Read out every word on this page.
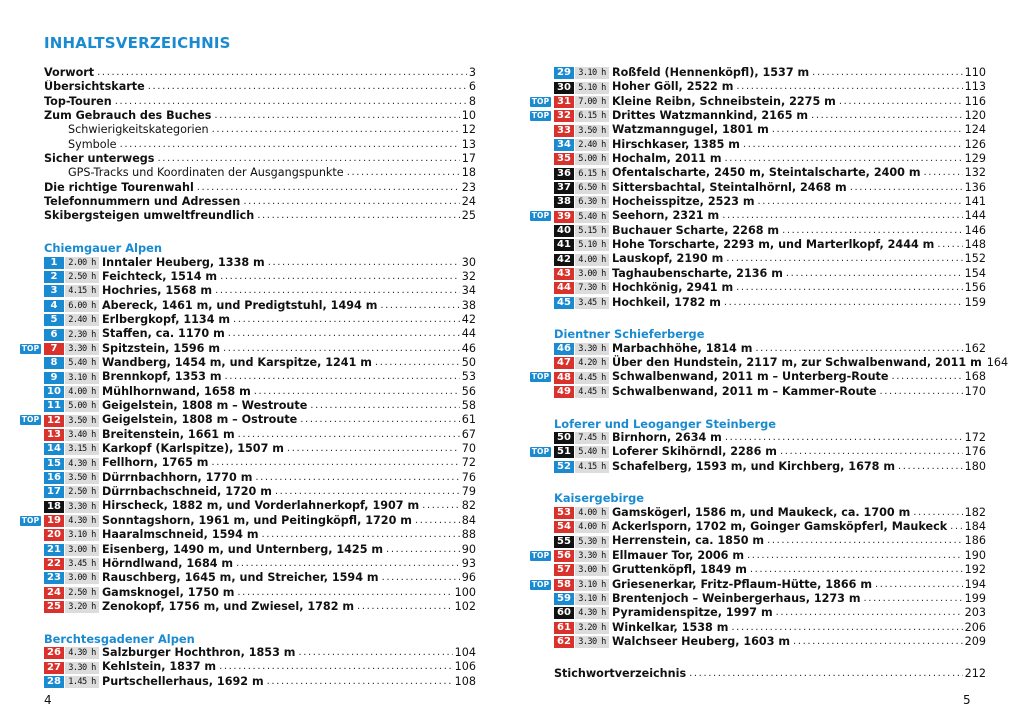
INHALTSVERZEICHNIS
Vorwort .....	3
Übersichtskarte .....	6
Top-Touren .....	8
Zum Gebrauch des Buches .....	10
Schwierigkeitskategorien .....	12
Symbole .....	13
Sicher unterwegs .....	17
GPS-Tracks und Koordinaten der Ausgangspunkte .....	18
Die richtige Tourenwahl .....	23
Telefonnummern und Adressen .....	24
Skibergsteigen umweltfreundlich .....	25
Chiemgauer Alpen
1	2.00 h Inntaler Heuberg, 1338 m .....	30
2	2.50 h Feichteck, 1514 m .....	32
3	4.15 h Hochries, 1568 m .....	34
4	6.00 h Abereck, 1461 m, und Predigtstuhl, 1494 m .....	38
5	2.40 h Erlbergkopf, 1134 m .....	42
6	2.30 h Staffen, ca. 1170 m .....	44
TOP	7	3.30 h Spitzstein, 1596 m .....	46
8	5.40 h Wandberg, 1454 m, und Karspitze, 1241 m .....	50
9	3.10 h Brennkopf, 1353 m .....	53
10 4.00 h Mühlhornwand, 1658 m .....	56
11 5.00 h Geigelstein, 1808 m – Westroute .....	58
TOP 12 3.50 h Geigelstein, 1808 m – Ostroute .....	61
13 3.40 h Breitenstein, 1661 m .....	67
14 3.15 h Karkopf (Karlspitze), 1507 m .....	70
15 4.30 h Fellhorn, 1765 m .....	72
16 3.50 h Dürrnbachhorn, 1770 m .....	76
17 2.50 h Dürrnbachschneid, 1720 m .....	79
18 3.30 h Hirscheck, 1882 m, und Vorderlahnerkopf, 1907 m .....	82
TOP 19 4.30 h Sonntagshorn, 1961 m, und Peitingköpfl, 1720 m .....	84
20 3.10 h Haaralmschneid, 1594 m .....	88
21 3.00 h Eisenberg, 1490 m, und Unternberg, 1425 m .....	90
22 3.45 h Hörndlwand, 1684 m .....	93
23 3.00 h Rauschberg, 1645 m, und Streicher, 1594 m .....	96
24 2.50 h Gamsknogel, 1750 m .....	100
25 3.20 h Zenokopf, 1756 m, und Zwiesel, 1782 m .....	102
Berchtesgadener Alpen
26 4.30 h Salzburger Hochthron, 1853 m .....	104
27 3.30 h Kehlstein, 1837 m .....	106
28 1.45 h Purtschellerhaus, 1692 m .....	108
29 3.10 h Roßfeld (Hennenköpfl), 1537 m .....	110
30 5.10 h Hoher Göll, 2522 m .....	113
TOP 31 7.00 h Kleine Reibn, Schneibstein, 2275 m .....	116
TOP 32 6.15 h Drittes Watzmannkind, 2165 m .....	120
33 3.50 h Watzmanngugel, 1801 m .....	124
34 2.40 h Hirschkaser, 1385 m .....	126
35 5.00 h Hochalm, 2011 m .....	129
36 6.15 h Ofentalscharte, 2450 m, Steintalscharte, 2400 m .....	132
37 6.50 h Sittersbachtal, Steintalhörnl, 2468 m .....	136
38 6.30 h Hocheisspitze, 2523 m .....	141
TOP 39 5.40 h Seehorn, 2321 m .....	144
40 5.15 h Buchauer Scharte, 2268 m .....	146
41 5.10 h Hohe Torscharte, 2293 m, und Marterlkopf, 2444 m .....	148
42 4.00 h Lauskopf, 2190 m .....	152
43 3.00 h Taghaubenscharte, 2136 m .....	154
44 7.30 h Hochkönig, 2941 m .....	156
45 3.45 h Hochkeil, 1782 m .....	159
Dientner Schieferberge
46 3.30 h Marbachhöhe, 1814 m .....	162
47 4.20 h Über den Hundstein, 2117 m, zur Schwalbenwand, 2011 m 164
TOP 48 4.45 h Schwalbenwand, 2011 m – Unterberg-Route .....	168
49 4.45 h Schwalbenwand, 2011 m – Kammer-Route .....	170
Loferer und Leoganger Steinberge
50 7.45 h Birnhorn, 2634 m .....	172
TOP 51 5.40 h Loferer Skihörndl, 2286 m .....	176
52 4.15 h Schafelberg, 1593 m, und Kirchberg, 1678 m .....	180
Kaisergebirge
53 4.00 h Gamskögerl, 1586 m, und Maukeck, ca. 1700 m .....	182
54 4.00 h Ackerlsporn, 1702 m, Goinger Gamsköpferl, Maukeck ..... 184
55 5.30 h Herrenstein, ca. 1850 m .....	186
TOP 56 3.30 h Ellmauer Tor, 2006 m .....	190
57 3.00 h Gruttenköpfl, 1849 m .....	192
TOP 58 3.10 h Griesenerkar, Fritz-Pflaum-Hütte, 1866 m .....	194
59 3.10 h Brentenjoch – Weinbergerhaus, 1273 m .....	199
60 4.30 h Pyramidenspitze, 1997 m .....	203
61 3.20 h Winkelkar, 1538 m .....	206
62 3.30 h Walchseer Heuberg, 1603 m .....	209
Stichwortverzeichnis .....	212
4	5
